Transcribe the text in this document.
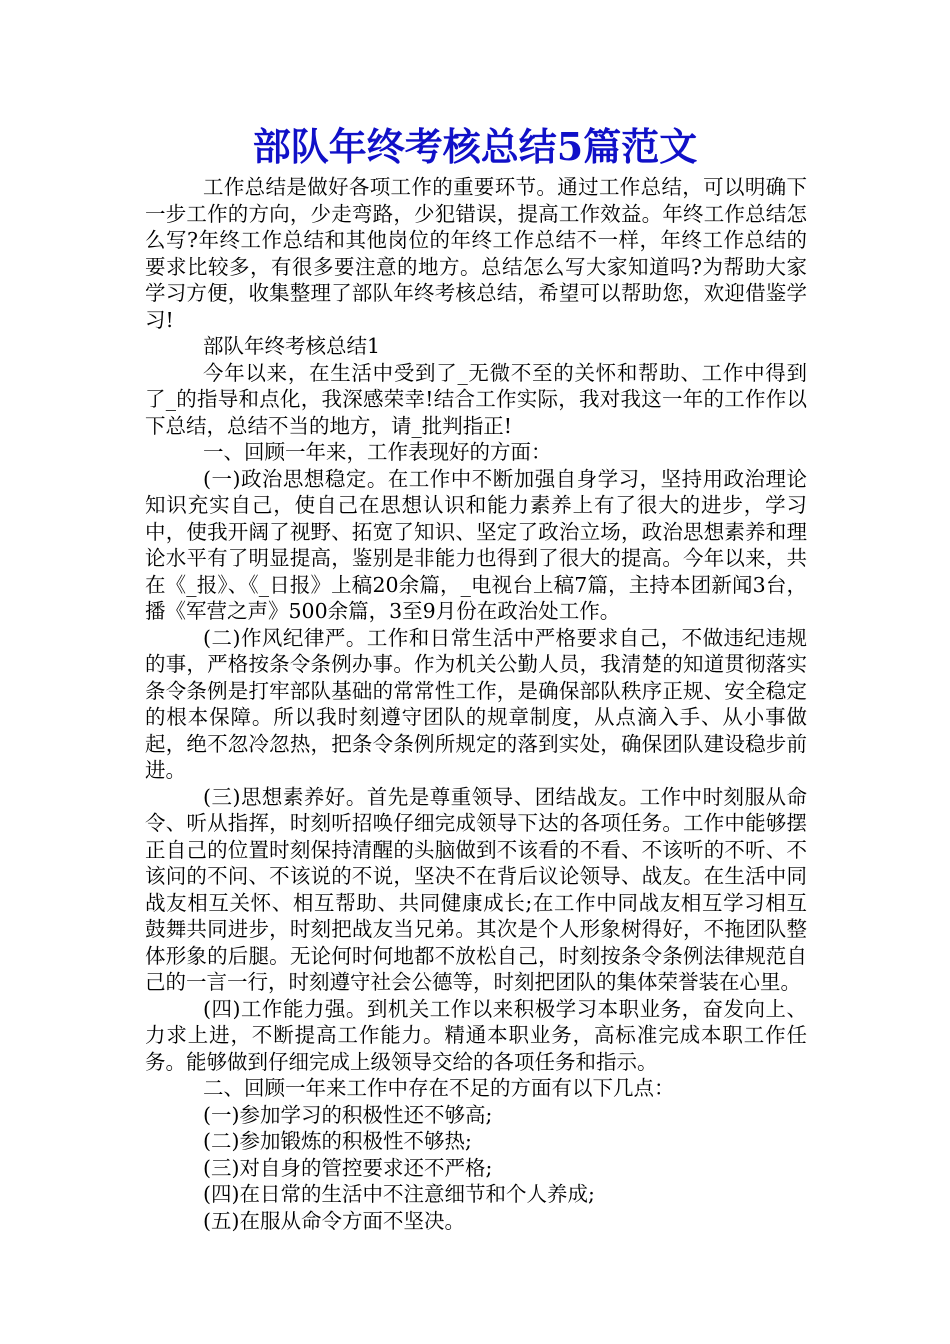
部队年终考核总结5篇范文

工作总结是做好各项工作的重要环节。通过工作总结，可以明确下一步工作的方向，少走弯路，少犯错误，提高工作效益。年终工作总结怎么写?年终工作总结和其他岗位的年终工作总结不一样，年终工作总结的要求比较多，有很多要注意的地方。总结怎么写大家知道吗?为帮助大家学习方便，收集整理了部队年终考核总结，希望可以帮助您，欢迎借鉴学习!

部队年终考核总结1

今年以来，在生活中受到了_无微不至的关怀和帮助、工作中得到了_的指导和点化，我深感荣幸!结合工作实际，我对我这一年的工作作以下总结，总结不当的地方，请_批判指正!

一、回顾一年来，工作表现好的方面：

(一)政治思想稳定。在工作中不断加强自身学习，坚持用政治理论知识充实自己，使自己在思想认识和能力素养上有了很大的进步，学习中，使我开阔了视野、拓宽了知识、坚定了政治立场，政治思想素养和理论水平有了明显提高，鉴别是非能力也得到了很大的提高。今年以来，共在《_报》、《_日报》上稿20余篇，_电视台上稿7篇，主持本团新闻3台，播《军营之声》500余篇，3至9月份在政治处工作。

(二)作风纪律严。工作和日常生活中严格要求自己，不做违纪违规的事，严格按条令条例办事。作为机关公勤人员，我清楚的知道贯彻落实条令条例是打牢部队基础的常常性工作，是确保部队秩序正规、安全稳定的根本保障。所以我时刻遵守团队的规章制度，从点滴入手、从小事做起，绝不忽冷忽热，把条令条例所规定的落到实处，确保团队建设稳步前进。

(三)思想素养好。首先是尊重领导、团结战友。工作中时刻服从命令、听从指挥，时刻听招唤仔细完成领导下达的各项任务。工作中能够摆正自己的位置时刻保持清醒的头脑做到不该看的不看、不该听的不听、不该问的不问、不该说的不说，坚决不在背后议论领导、战友。在生活中同战友相互关怀、相互帮助、共同健康成长;在工作中同战友相互学习相互鼓舞共同进步，时刻把战友当兄弟。其次是个人形象树得好，不拖团队整体形象的后腿。无论何时何地都不放松自己，时刻按条令条例法律规范自己的一言一行，时刻遵守社会公德等，时刻把团队的集体荣誉装在心里。

(四)工作能力强。到机关工作以来积极学习本职业务，奋发向上、力求上进，不断提高工作能力。精通本职业务，高标准完成本职工作任务。能够做到仔细完成上级领导交给的各项任务和指示。

二、回顾一年来工作中存在不足的方面有以下几点：

(一)参加学习的积极性还不够高;

(二)参加锻炼的积极性不够热;

(三)对自身的管控要求还不严格;

(四)在日常的生活中不注意细节和个人养成;

(五)在服从命令方面不坚决。
